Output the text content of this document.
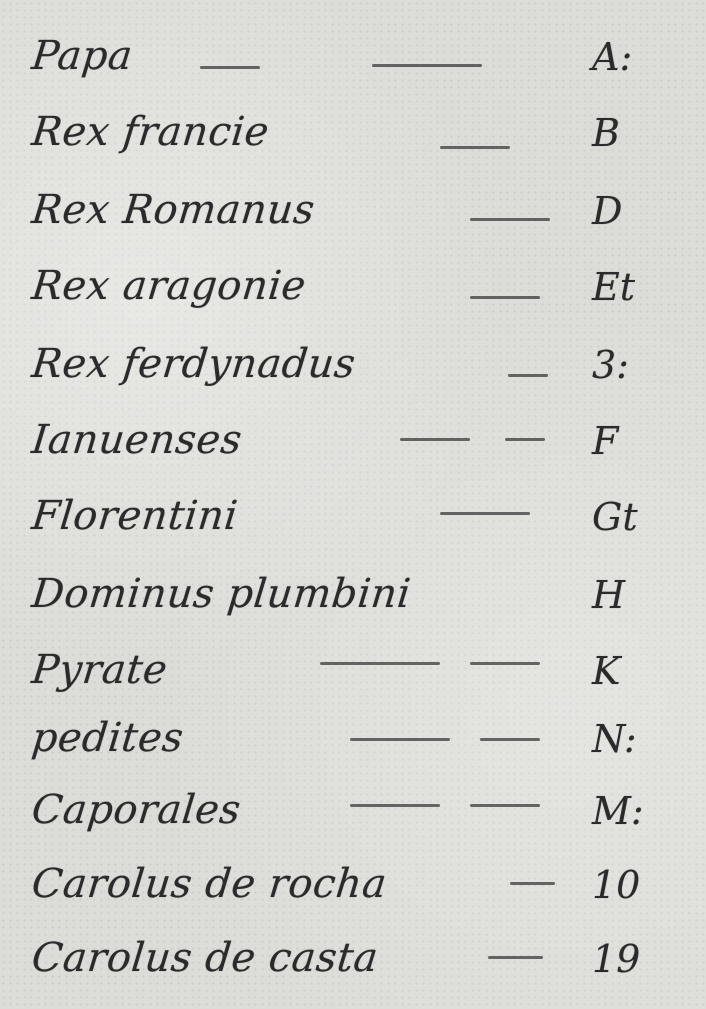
Papa	A:
Rex francie	B
Rex Romanus	D
Rex aragonie	Et
Rex ferdynadus	3:
Ianuenses	F
Florentini	Gt
Dominus plumbini	H
Pyrate	K
pedites	N:
Caporales	M:
Carolus de rocha	10
Carolus de casta	19
